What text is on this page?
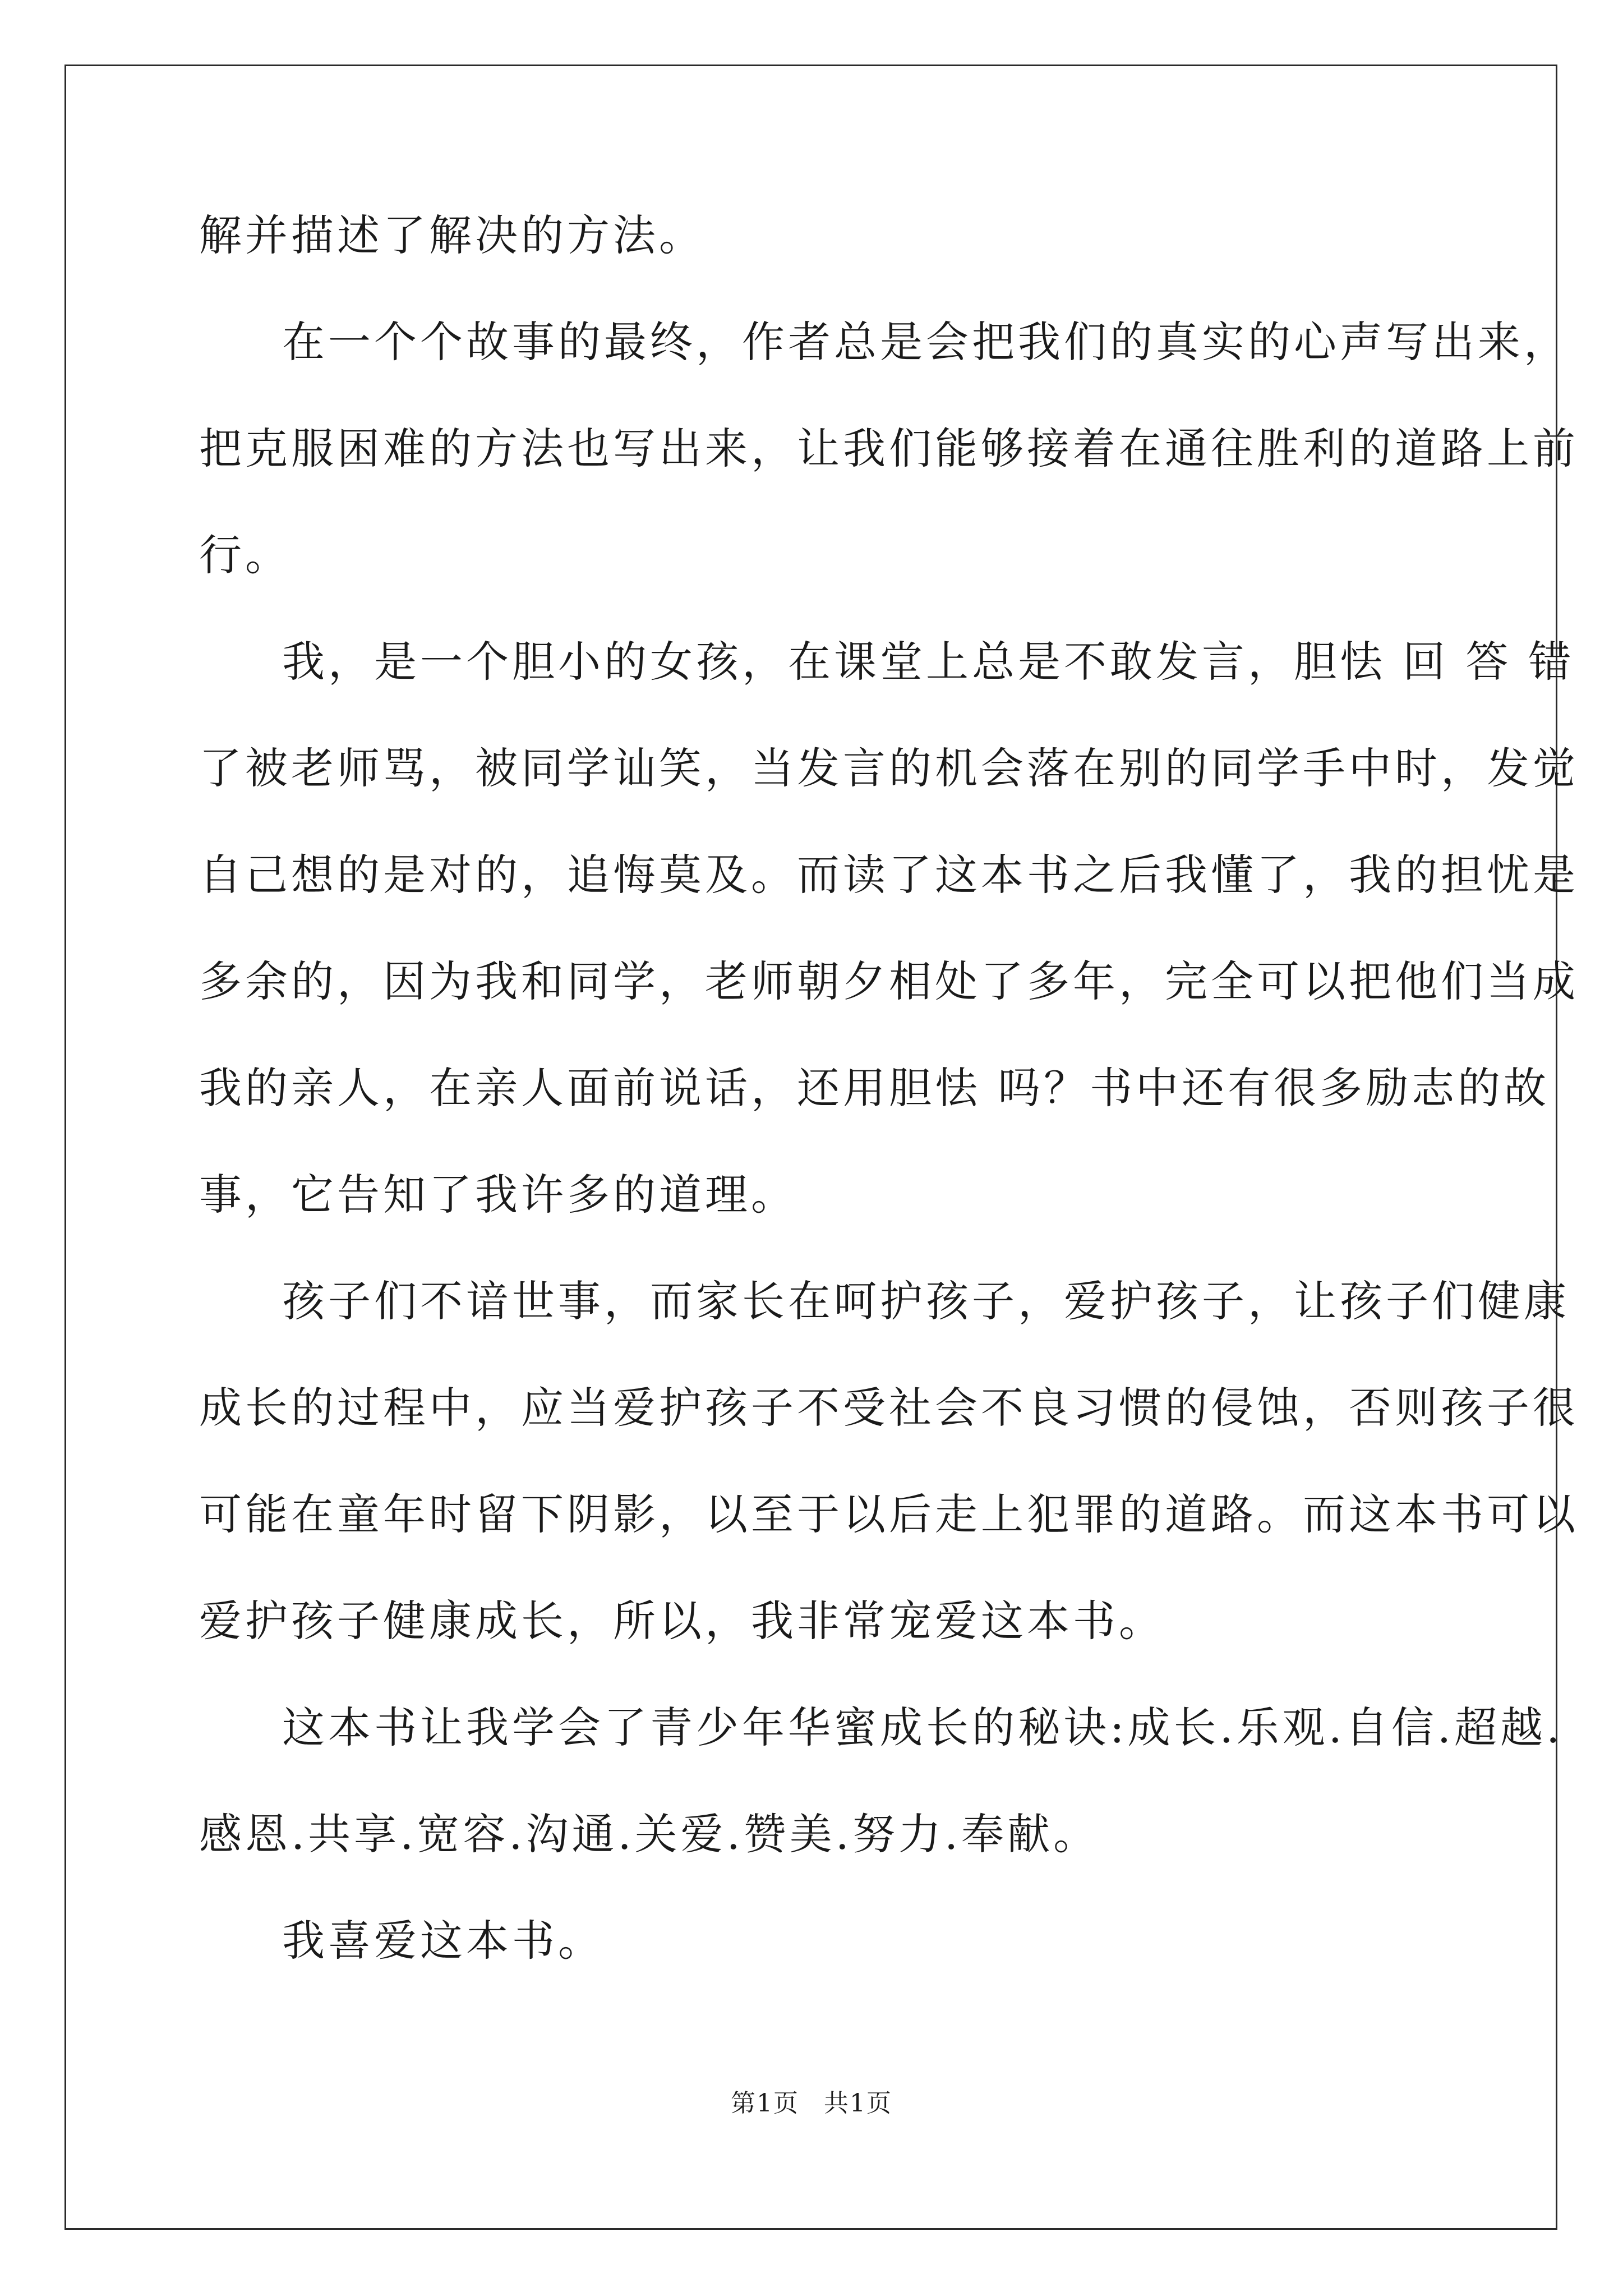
解并描述了解决的方法。
在一个个故事的最终，作者总是会把我们的真实的心声写出来，
把克服困难的方法也写出来，让我们能够接着在通往胜利的道路上前
行。
我，是一个胆小的女孩，在课堂上总是不敢发言，胆怯 回 答 错
了被老师骂，被同学讪笑，当发言的机会落在别的同学手中时，发觉
自己想的是对的，追悔莫及。而读了这本书之后我懂了，我的担忧是
多余的，因为我和同学，老师朝夕相处了多年，完全可以把他们当成
我的亲人，在亲人面前说话，还用胆怯 吗？书中还有很多励志的故
事，它告知了我许多的道理。
孩子们不谙世事，而家长在呵护孩子，爱护孩子，让孩子们健康
成长的过程中，应当爱护孩子不受社会不良习惯的侵蚀，否则孩子很
可能在童年时留下阴影，以至于以后走上犯罪的道路。而这本书可以
爱护孩子健康成长，所以，我非常宠爱这本书。
这本书让我学会了青少年华蜜成长的秘诀:成长.乐观.自信.超越.
感恩.共享.宽容.沟通.关爱.赞美.努力.奉献。
我喜爱这本书。
第1页 共1页
